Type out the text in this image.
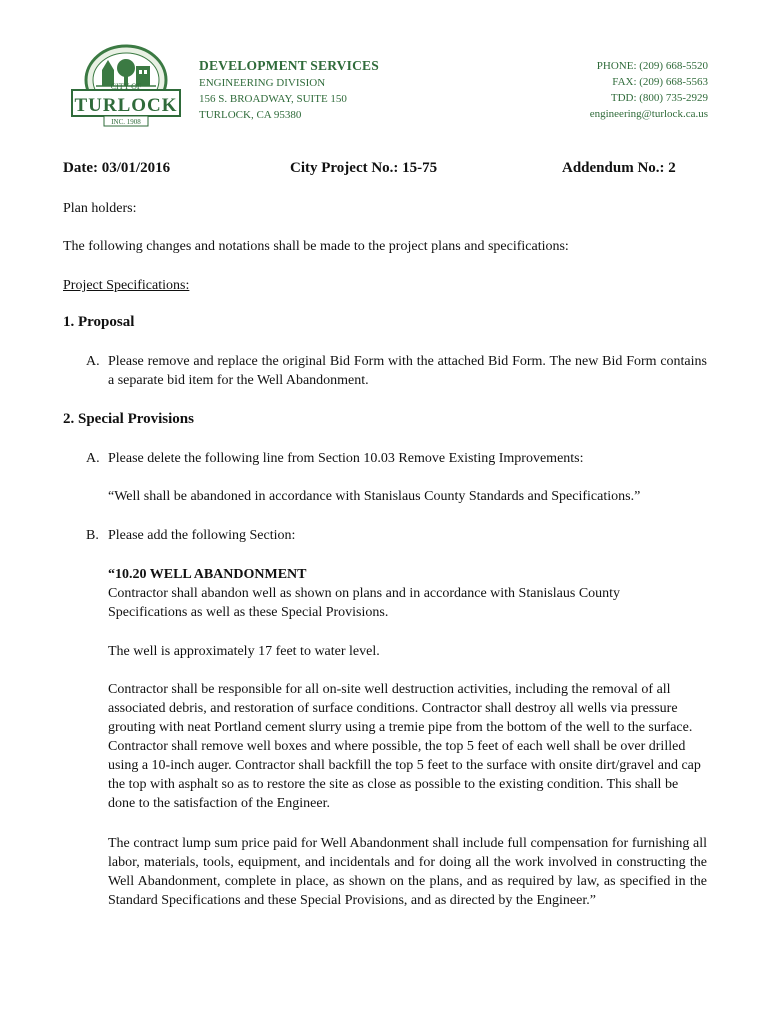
CITY OF
TURLOCK
INC. 1908
DEVELOPMENT SERVICES
ENGINEERING DIVISION
156 S. BROADWAY, SUITE 150
TURLOCK, CA 95380
PHONE: (209) 668-5520
FAX: (209) 668-5563
TDD: (800) 735-2929
engineering@turlock.ca.us
Date: 03/01/2016	City Project No.: 15-75	Addendum No.: 2
Plan holders:
The following changes and notations shall be made to the project plans and specifications:
Project Specifications:
1. Proposal
A. Please remove and replace the original Bid Form with the attached Bid Form. The new Bid Form contains a separate bid item for the Well Abandonment.
2. Special Provisions
A. Please delete the following line from Section 10.03 Remove Existing Improvements:
“Well shall be abandoned in accordance with Stanislaus County Standards and Specifications.”
B. Please add the following Section:
“10.20 WELL ABANDONMENT
Contractor shall abandon well as shown on plans and in accordance with Stanislaus County Specifications as well as these Special Provisions.
The well is approximately 17 feet to water level.
Contractor shall be responsible for all on-site well destruction activities, including the removal of all associated debris, and restoration of surface conditions. Contractor shall destroy all wells via pressure grouting with neat Portland cement slurry using a tremie pipe from the bottom of the well to the surface. Contractor shall remove well boxes and where possible, the top 5 feet of each well shall be over drilled using a 10-inch auger. Contractor shall backfill the top 5 feet to the surface with onsite dirt/gravel and cap the top with asphalt so as to restore the site as close as possible to the existing condition. This shall be done to the satisfaction of the Engineer.
The contract lump sum price paid for Well Abandonment shall include full compensation for furnishing all labor, materials, tools, equipment, and incidentals and for doing all the work involved in constructing the Well Abandonment, complete in place, as shown on the plans, and as required by law, as specified in the Standard Specifications and these Special Provisions, and as directed by the Engineer.”
